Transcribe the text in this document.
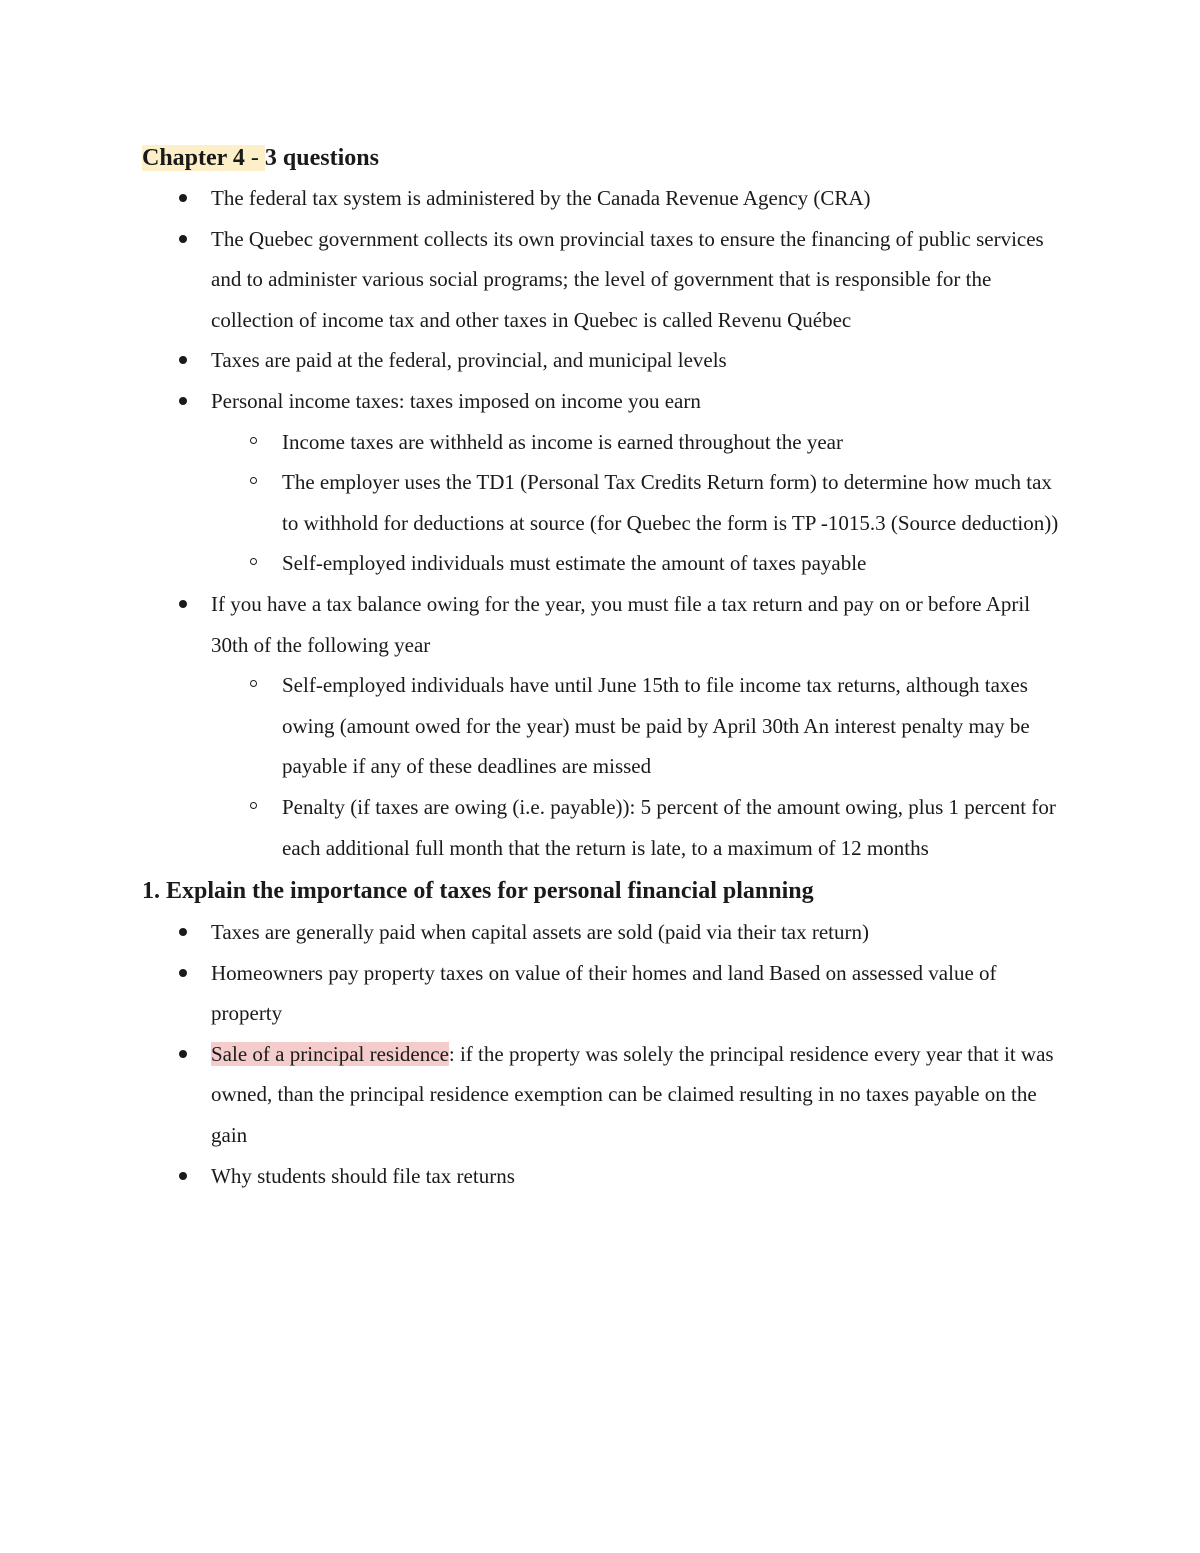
Chapter 4 - 3 questions
The federal tax system is administered by the Canada Revenue Agency (CRA)
The Quebec government collects its own provincial taxes to ensure the financing of public services and to administer various social programs; the level of government that is responsible for the collection of income tax and other taxes in Quebec is called Revenu Québec
Taxes are paid at the federal, provincial, and municipal levels
Personal income taxes: taxes imposed on income you earn
Income taxes are withheld as income is earned throughout the year
The employer uses the TD1 (Personal Tax Credits Return form) to determine how much tax to withhold for deductions at source (for Quebec the form is TP -1015.3 (Source deduction))
Self-employed individuals must estimate the amount of taxes payable
If you have a tax balance owing for the year, you must file a tax return and pay on or before April 30th of the following year
Self-employed individuals have until June 15th to file income tax returns, although taxes owing (amount owed for the year) must be paid by April 30th An interest penalty may be payable if any of these deadlines are missed
Penalty (if taxes are owing (i.e. payable)): 5 percent of the amount owing, plus 1 percent for each additional full month that the return is late, to a maximum of 12 months
1. Explain the importance of taxes for personal financial planning
Taxes are generally paid when capital assets are sold (paid via their tax return)
Homeowners pay property taxes on value of their homes and land Based on assessed value of property
Sale of a principal residence: if the property was solely the principal residence every year that it was owned, than the principal residence exemption can be claimed resulting in no taxes payable on the gain
Why students should file tax returns
